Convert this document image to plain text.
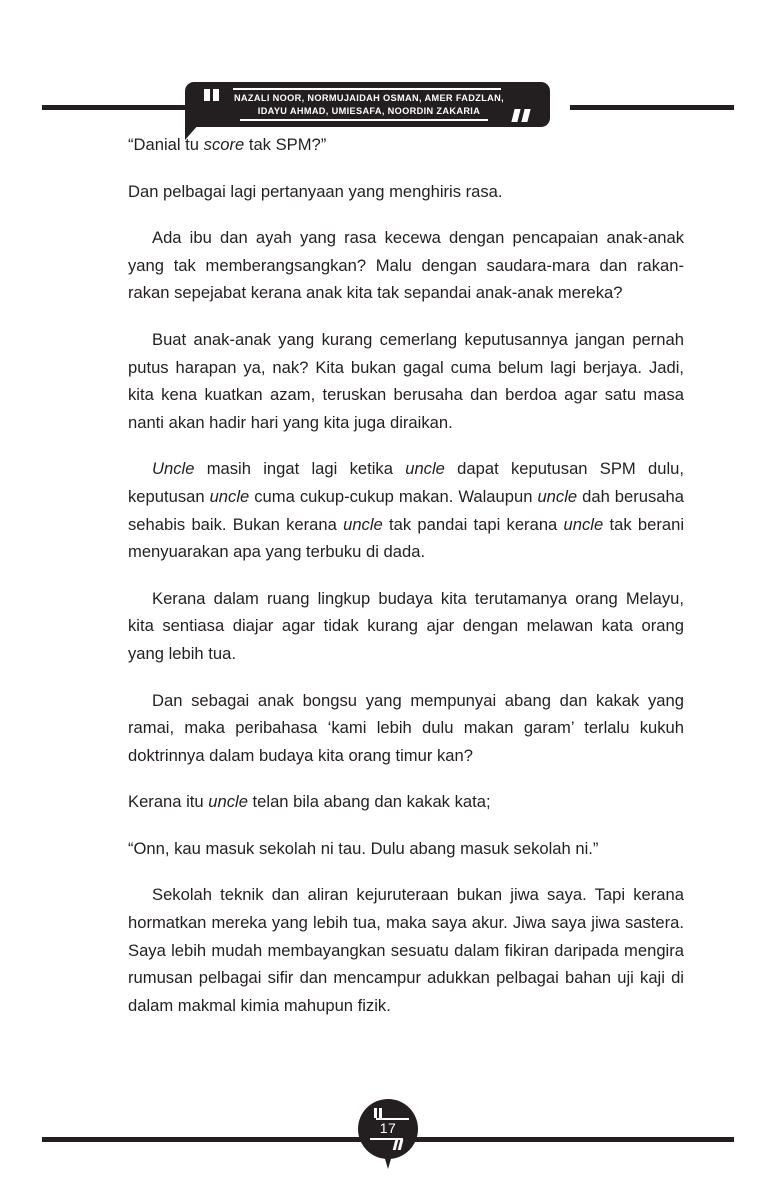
NAZALI NOOR, NORMUJAIDAH OSMAN, AMER FADZLAN,
IDAYU AHMAD, UMIESAFA, NOORDIN ZAKARIA

“Danial tu score tak SPM?”

Dan pelbagai lagi pertanyaan yang menghiris rasa.

Ada ibu dan ayah yang rasa kecewa dengan pencapaian anak-anak yang tak memberangsangkan? Malu dengan saudara-mara dan rakan-rakan sepejabat kerana anak kita tak sepandai anak-anak mereka?

Buat anak-anak yang kurang cemerlang keputusannya jangan pernah putus harapan ya, nak? Kita bukan gagal cuma belum lagi berjaya. Jadi, kita kena kuatkan azam, teruskan berusaha dan berdoa agar satu masa nanti akan hadir hari yang kita juga diraikan.

Uncle masih ingat lagi ketika uncle dapat keputusan SPM dulu, keputusan uncle cuma cukup-cukup makan. Walaupun uncle dah berusaha sehabis baik. Bukan kerana uncle tak pandai tapi kerana uncle tak berani menyuarakan apa yang terbuku di dada.

Kerana dalam ruang lingkup budaya kita terutamanya orang Melayu, kita sentiasa diajar agar tidak kurang ajar dengan melawan kata orang yang lebih tua.

Dan sebagai anak bongsu yang mempunyai abang dan kakak yang ramai, maka peribahasa ‘kami lebih dulu makan garam’ terlalu kukuh doktrinnya dalam budaya kita orang timur kan?

Kerana itu uncle telan bila abang dan kakak kata;

“Onn, kau masuk sekolah ni tau. Dulu abang masuk sekolah ni.”

Sekolah teknik dan aliran kejuruteraan bukan jiwa saya. Tapi kerana hormatkan mereka yang lebih tua, maka saya akur. Jiwa saya jiwa sastera. Saya lebih mudah membayangkan sesuatu dalam fikiran daripada mengira rumusan pelbagai sifir dan mencampur adukkan pelbagai bahan uji kaji di dalam makmal kimia mahupun fizik.

17
